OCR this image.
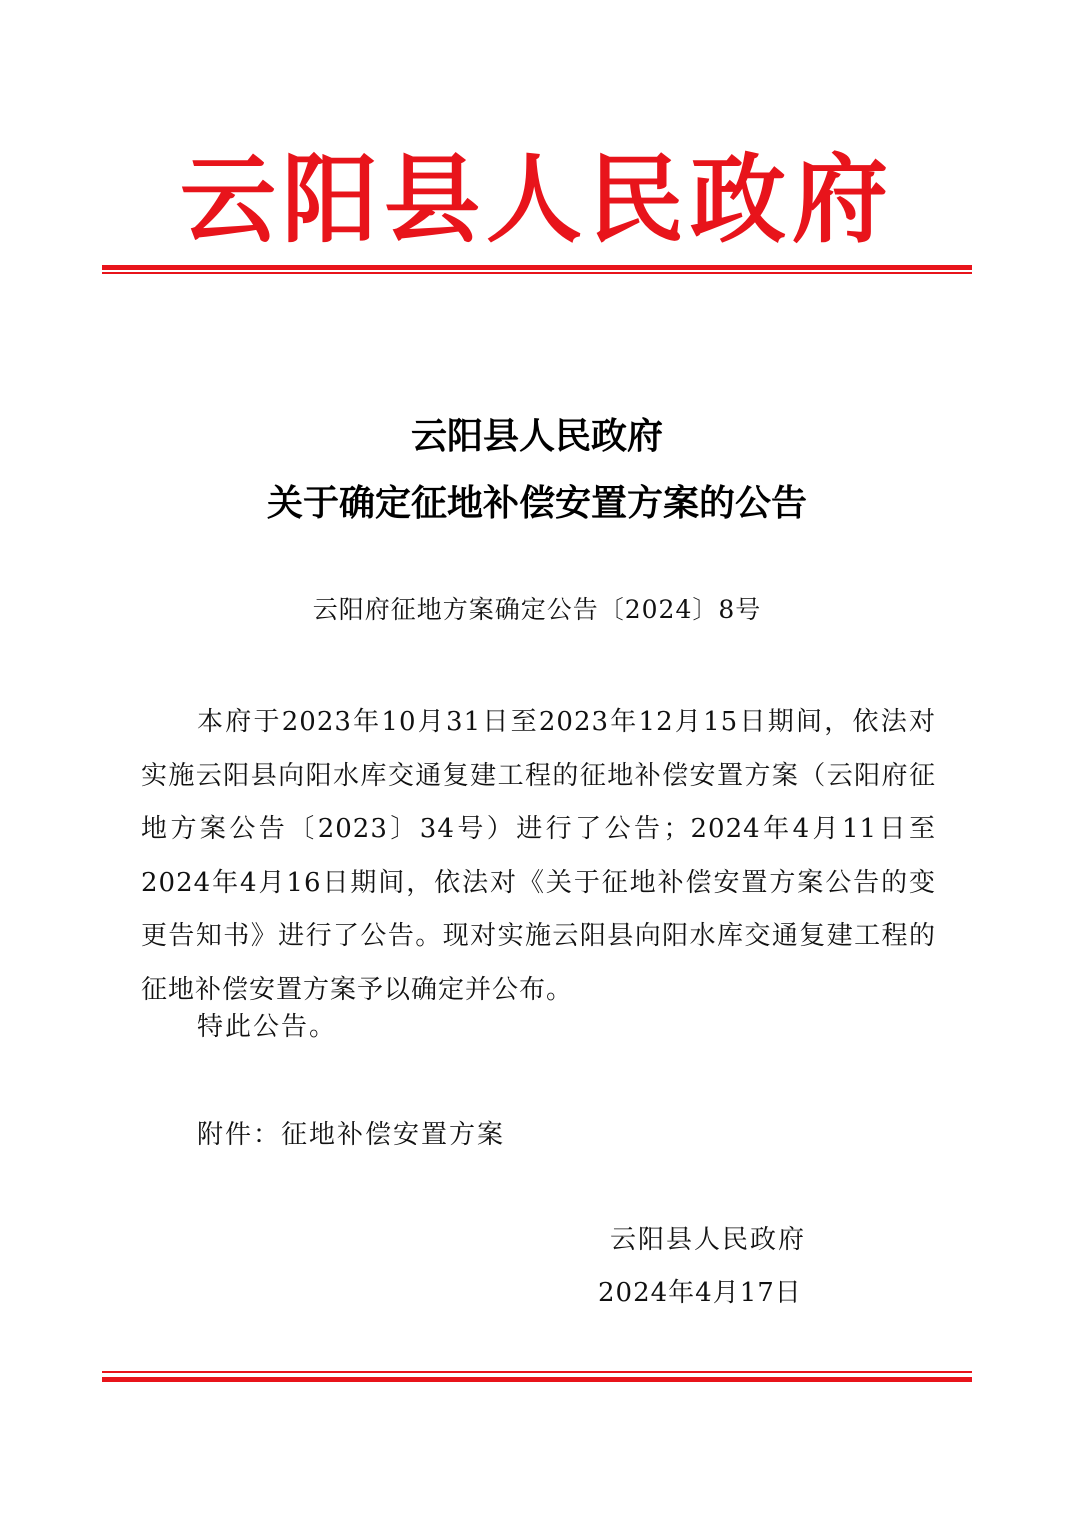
云阳县人民政府
云阳县人民政府
关于确定征地补偿安置方案的公告
云阳府征地方案确定公告〔2024〕8号

本府于2023年10月31日至2023年12月15日期间，依法对实施云阳县向阳水库交通复建工程的征地补偿安置方案（云阳府征地方案公告〔2023〕34号）进行了公告；2024年4月11日至2024年4月16日期间，依法对《关于征地补偿安置方案公告的变更告知书》进行了公告。现对实施云阳县向阳水库交通复建工程的征地补偿安置方案予以确定并公布。

特此公告。
附件：征地补偿安置方案
云阳县人民政府
2024年4月17日
